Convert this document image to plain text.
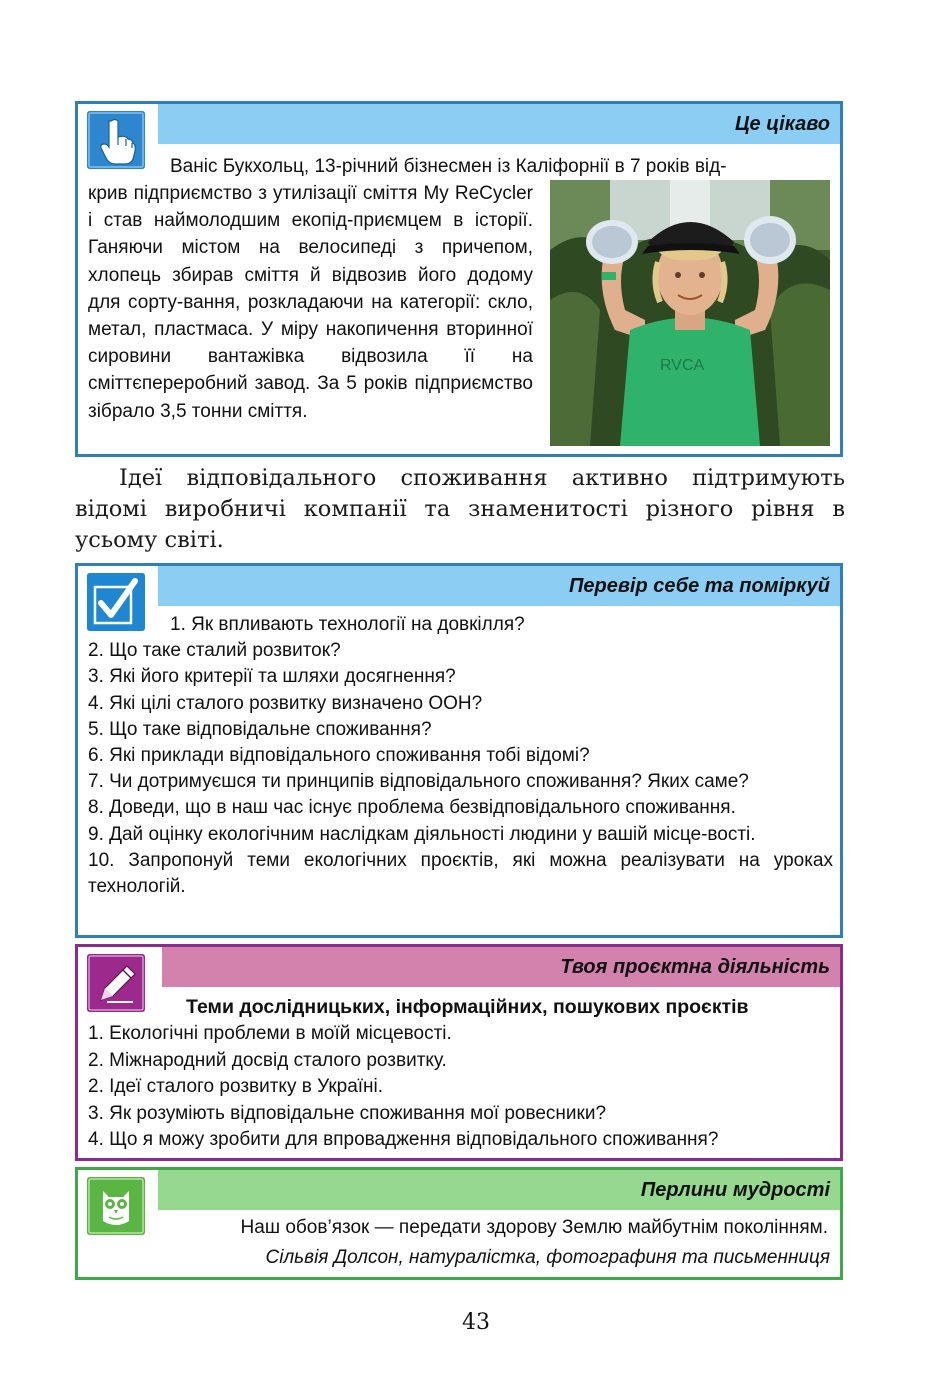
Це цікаво
Ваніс Букхольц, 13-річний бізнесмен із Каліфорнії в 7 років від-
крив підприємство з утилізації сміття My ReCycler і став наймолодшим екопід-приємцем в історії. Ганяючи містом на велосипеді з причепом, хлопець збирав сміття й відвозив його додому для сорту-вання, розкладаючи на категорії: скло, метал, пластмаса. У міру накопичення вторинної сировини вантажівка відвозила її на сміттєпереробний завод. За 5 років підприємство зібрало 3,5 тонни сміття.
RVCA
Ідеї відповідального споживання активно підтримують відомі виробничі компанії та знаменитості різного рівня в усьому світі.
Перевір себе та поміркуй
1. Як впливають технології на довкілля?
2. Що таке сталий розвиток?
3. Які його критерії та шляхи досягнення?
4. Які цілі сталого розвитку визначено ООН?
5. Що таке відповідальне споживання?
6. Які приклади відповідального споживання тобі відомі?
7. Чи дотримуєшся ти принципів відповідального споживання? Яких саме?
8. Доведи, що в наш час існує проблема безвідповідального споживання.
9. Дай оцінку екологічним наслідкам діяльності людини у вашій місце-вості.
10. Запропонуй теми екологічних проєктів, які можна реалізувати на уроках технологій.
Твоя проєктна діяльність
Теми дослідницьких, інформаційних, пошукових проєктів
1. Екологічні проблеми в моїй місцевості.
2. Міжнародний досвід сталого розвитку.
2. Ідеї сталого розвитку в Україні.
3. Як розуміють відповідальне споживання мої ровесники?
4. Що я можу зробити для впровадження відповідального споживання?
Перлини мудрості
Наш обов’язок — передати здорову Землю майбутнім поколінням.
Сільвія Долсон, натуралістка, фотографиня та письменниця
43
